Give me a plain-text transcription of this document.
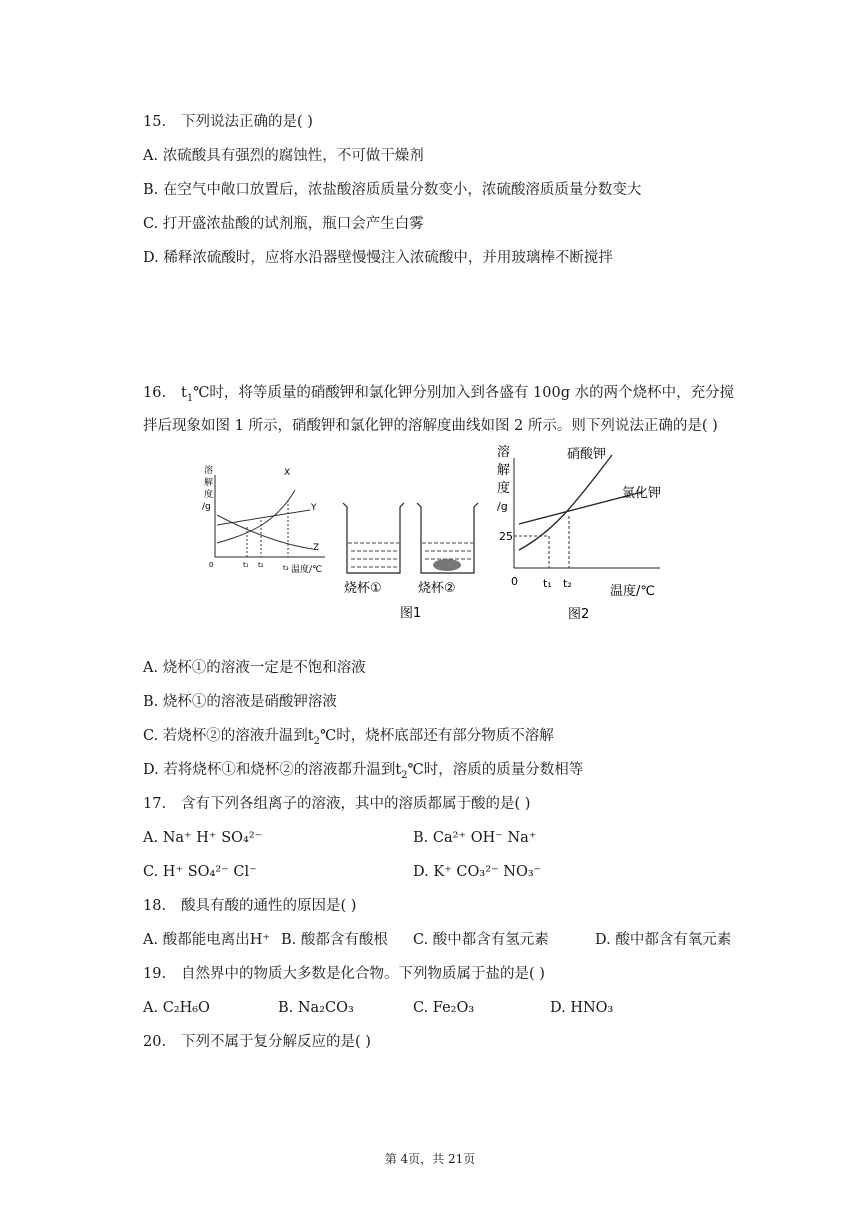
15. 下列说法正确的是( )
A. 浓硫酸具有强烈的腐蚀性，不可做干燥剂
B. 在空气中敞口放置后，浓盐酸溶质质量分数变小，浓硫酸溶质质量分数变大
C. 打开盛浓盐酸的试剂瓶，瓶口会产生白雾
D. 稀释浓硫酸时，应将水沿器壁慢慢注入浓硫酸中，并用玻璃棒不断搅拌
16. $t_1℃$时，将等质量的硝酸钾和氯化钾分别加入到各盛有 100g 水的两个烧杯中，充分搅
拌后现象如图 1 所示，硝酸钾和氯化钾的溶解度曲线如图 2 所示。则下列说法正确的是( )
溶
解
度
/g
X
Y
Z
0	t₁ t₂	t₃ 温度/℃
烧杯①	烧杯②
图1
溶
解
度
/g
硝酸钾
氯化钾
25
0 t₁ t₂
温度/℃
图2
A. 烧杯①的溶液一定是不饱和溶液
B. 烧杯①的溶液是硝酸钾溶液
C. 若烧杯②的溶液升温到$t_2℃$时，烧杯底部还有部分物质不溶解
D. 若将烧杯①和烧杯②的溶液都升温到$t_2℃$时，溶质的质量分数相等
17. 含有下列各组离子的溶液，其中的溶质都属于酸的是( )
A. Na⁺ H⁺ SO₄²⁻	B. Ca²⁺ OH⁻ Na⁺
C. H⁺ SO₄²⁻ Cl⁻	D. K⁺ CO₃²⁻ NO₃⁻
18. 酸具有酸的通性的原因是( )
A. 酸都能电离出H⁺ B. 酸都含有酸根 C. 酸中都含有氢元素	D. 酸中都含有氧元素
19. 自然界中的物质大多数是化合物。下列物质属于盐的是( )
A. C₂H₆O	B. Na₂CO₃	C. Fe₂O₃	D. HNO₃
20. 下列不属于复分解反应的是( )
第 4页，共 21页
